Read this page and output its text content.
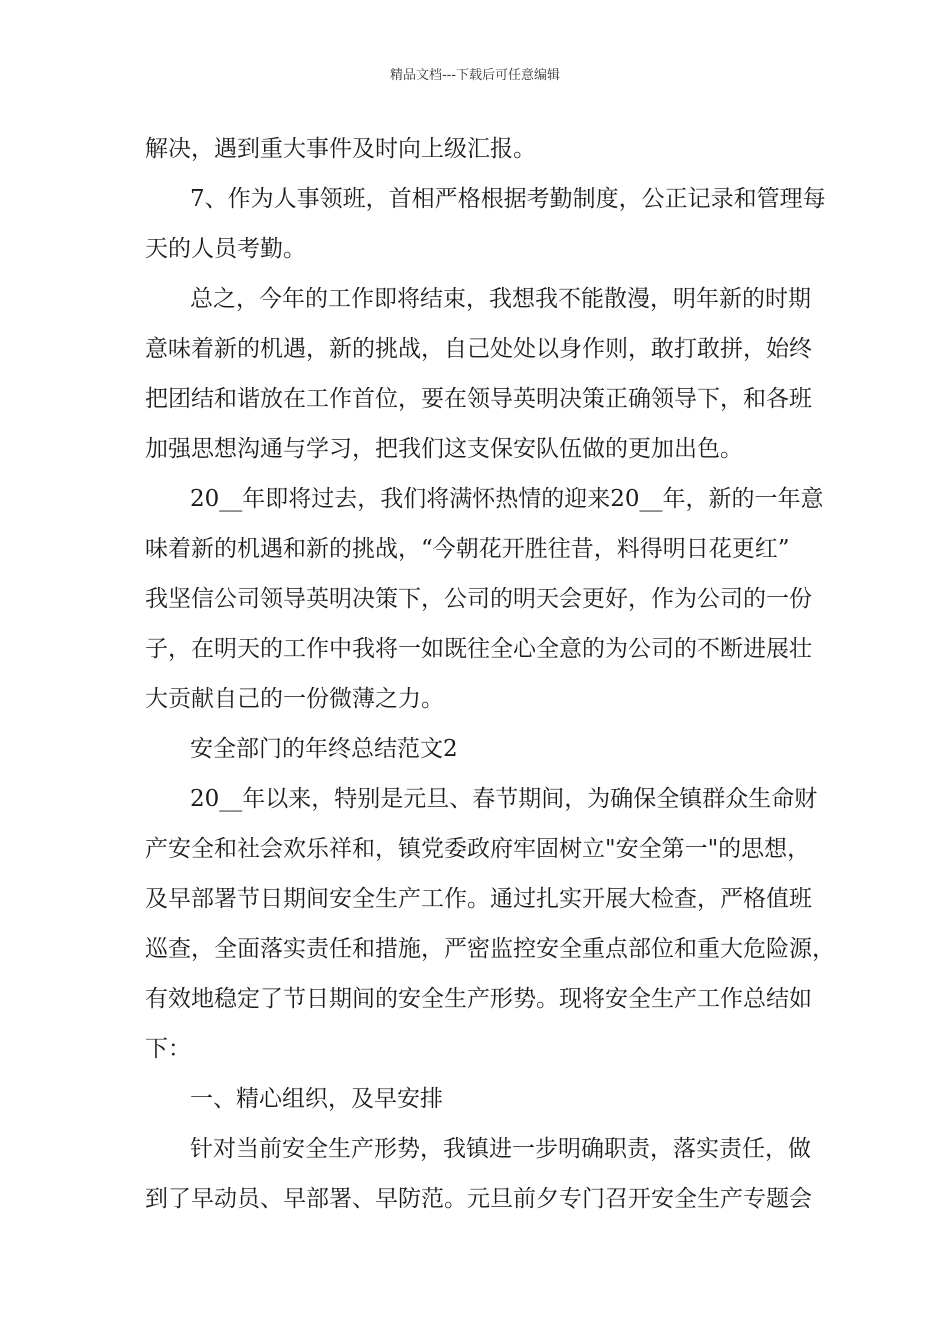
精品文档---下载后可任意编辑
解决，遇到重大事件及时向上级汇报。
7、作为人事领班，首相严格根据考勤制度，公正记录和管理每
天的人员考勤。
总之，今年的工作即将结束，我想我不能散漫，明年新的时期
意味着新的机遇，新的挑战，自己处处以身作则，敢打敢拼，始终
把团结和谐放在工作首位，要在领导英明决策正确领导下，和各班
加强思想沟通与学习，把我们这支保安队伍做的更加出色。
20__年即将过去，我们将满怀热情的迎来20__年，新的一年意
味着新的机遇和新的挑战，“今朝花开胜往昔，料得明日花更红”
我坚信公司领导英明决策下，公司的明天会更好，作为公司的一份
子，在明天的工作中我将一如既往全心全意的为公司的不断进展壮
大贡献自己的一份微薄之力。
安全部门的年终总结范文2
20__年以来，特别是元旦、春节期间，为确保全镇群众生命财
产安全和社会欢乐祥和，镇党委政府牢固树立"安全第一"的思想，
及早部署节日期间安全生产工作。通过扎实开展大检查，严格值班
巡查，全面落实责任和措施，严密监控安全重点部位和重大危险源，
有效地稳定了节日期间的安全生产形势。现将安全生产工作总结如
下：
一、精心组织，及早安排
针对当前安全生产形势，我镇进一步明确职责，落实责任，做
到了早动员、早部署、早防范。元旦前夕专门召开安全生产专题会
